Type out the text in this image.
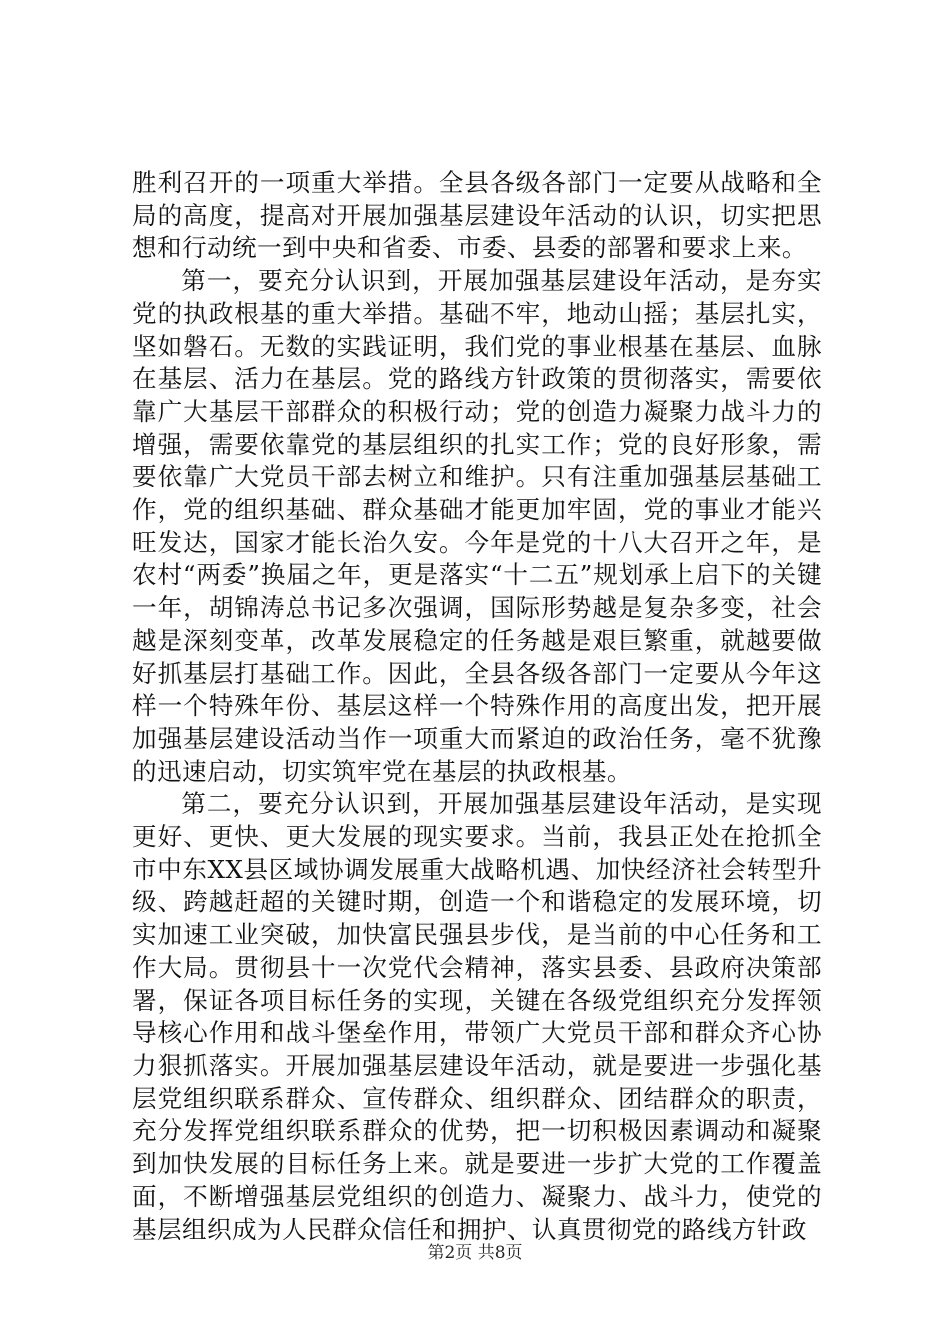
胜利召开的一项重大举措。全县各级各部门一定要从战略和全局的高度，提高对开展加强基层建设年活动的认识，切实把思想和行动统一到中央和省委、市委、县委的部署和要求上来。

第一，要充分认识到，开展加强基层建设年活动，是夯实党的执政根基的重大举措。基础不牢，地动山摇；基层扎实，坚如磐石。无数的实践证明，我们党的事业根基在基层、血脉在基层、活力在基层。党的路线方针政策的贯彻落实，需要依靠广大基层干部群众的积极行动；党的创造力凝聚力战斗力的增强，需要依靠党的基层组织的扎实工作；党的良好形象，需要依靠广大党员干部去树立和维护。只有注重加强基层基础工作，党的组织基础、群众基础才能更加牢固，党的事业才能兴旺发达，国家才能长治久安。今年是党的十八大召开之年，是农村“两委”换届之年，更是落实“十二五”规划承上启下的关键一年，胡锦涛总书记多次强调，国际形势越是复杂多变，社会越是深刻变革，改革发展稳定的任务越是艰巨繁重，就越要做好抓基层打基础工作。因此，全县各级各部门一定要从今年这样一个特殊年份、基层这样一个特殊作用的高度出发，把开展加强基层建设活动当作一项重大而紧迫的政治任务，毫不犹豫的迅速启动，切实筑牢党在基层的执政根基。

第二，要充分认识到，开展加强基层建设年活动，是实现更好、更快、更大发展的现实要求。当前，我县正处在抢抓全市中东XX县区域协调发展重大战略机遇、加快经济社会转型升级、跨越赶超的关键时期，创造一个和谐稳定的发展环境，切实加速工业突破，加快富民强县步伐，是当前的中心任务和工作大局。贯彻县十一次党代会精神，落实县委、县政府决策部署，保证各项目标任务的实现，关键在各级党组织充分发挥领导核心作用和战斗堡垒作用，带领广大党员干部和群众齐心协力狠抓落实。开展加强基层建设年活动，就是要进一步强化基层党组织联系群众、宣传群众、组织群众、团结群众的职责，充分发挥党组织联系群众的优势，把一切积极因素调动和凝聚到加快发展的目标任务上来。就是要进一步扩大党的工作覆盖面，不断增强基层党组织的创造力、凝聚力、战斗力，使党的基层组织成为人民群众信任和拥护、认真贯彻党的路线方针政

第2页 共8页
